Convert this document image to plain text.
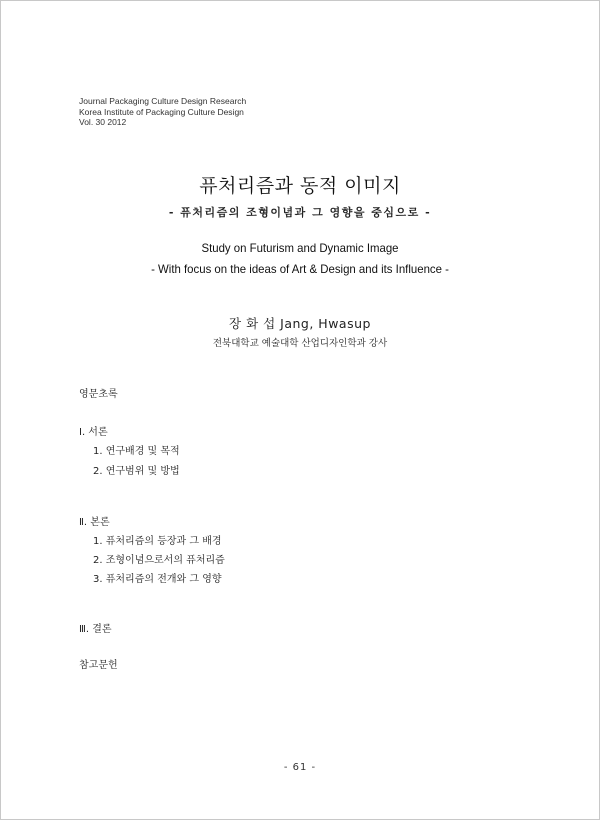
Journal Packaging Culture Design Research
Korea Institute of Packaging Culture Design
Vol. 30 2012
퓨처리즘과 동적 이미지
- 퓨처리즘의 조형이념과 그 영향을 중심으로 -
Study on Futurism and Dynamic Image
- With focus on the ideas of Art & Design and its Influence -
장 화 섭 Jang, Hwasup
전북대학교 예술대학 산업디자인학과 강사
영문초록
Ⅰ. 서론
1. 연구배경 및 목적
2. 연구범위 및 방법
Ⅱ. 본론
1. 퓨처리즘의 등장과 그 배경
2. 조형이념으로서의 퓨처리즘
3. 퓨처리즘의 전개와 그 영향
Ⅲ. 결론
참고문헌
- 61 -
